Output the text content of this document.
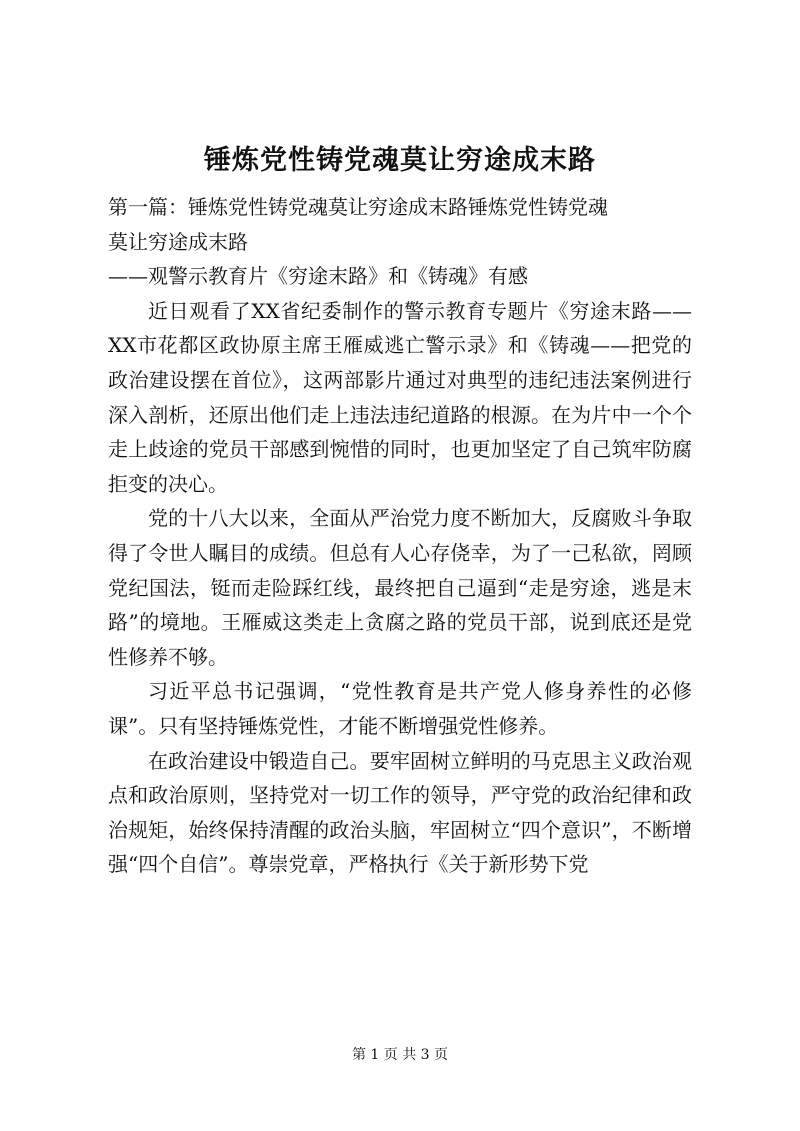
锤炼党性铸党魂莫让穷途成末路

第一篇：锤炼党性铸党魂莫让穷途成末路锤炼党性铸党魂

莫让穷途成末路

——观警示教育片《穷途末路》和《铸魂》有感

近日观看了XX省纪委制作的警示教育专题片《穷途末路——XX市花都区政协原主席王雁威逃亡警示录》和《铸魂——把党的政治建设摆在首位》，这两部影片通过对典型的违纪违法案例进行深入剖析，还原出他们走上违法违纪道路的根源。在为片中一个个走上歧途的党员干部感到惋惜的同时，也更加坚定了自己筑牢防腐拒变的决心。

党的十八大以来，全面从严治党力度不断加大，反腐败斗争取得了令世人瞩目的成绩。但总有人心存侥幸，为了一己私欲，罔顾党纪国法，铤而走险踩红线，最终把自己逼到“走是穷途，逃是末路”的境地。王雁威这类走上贪腐之路的党员干部，说到底还是党性修养不够。

习近平总书记强调，“党性教育是共产党人修身养性的必修课”。只有坚持锤炼党性，才能不断增强党性修养。

在政治建设中锻造自己。要牢固树立鲜明的马克思主义政治观点和政治原则，坚持党对一切工作的领导，严守党的政治纪律和政治规矩，始终保持清醒的政治头脑，牢固树立“四个意识”，不断增强“四个自信”。尊崇党章，严格执行《关于新形势下党

第 1 页 共 3 页
